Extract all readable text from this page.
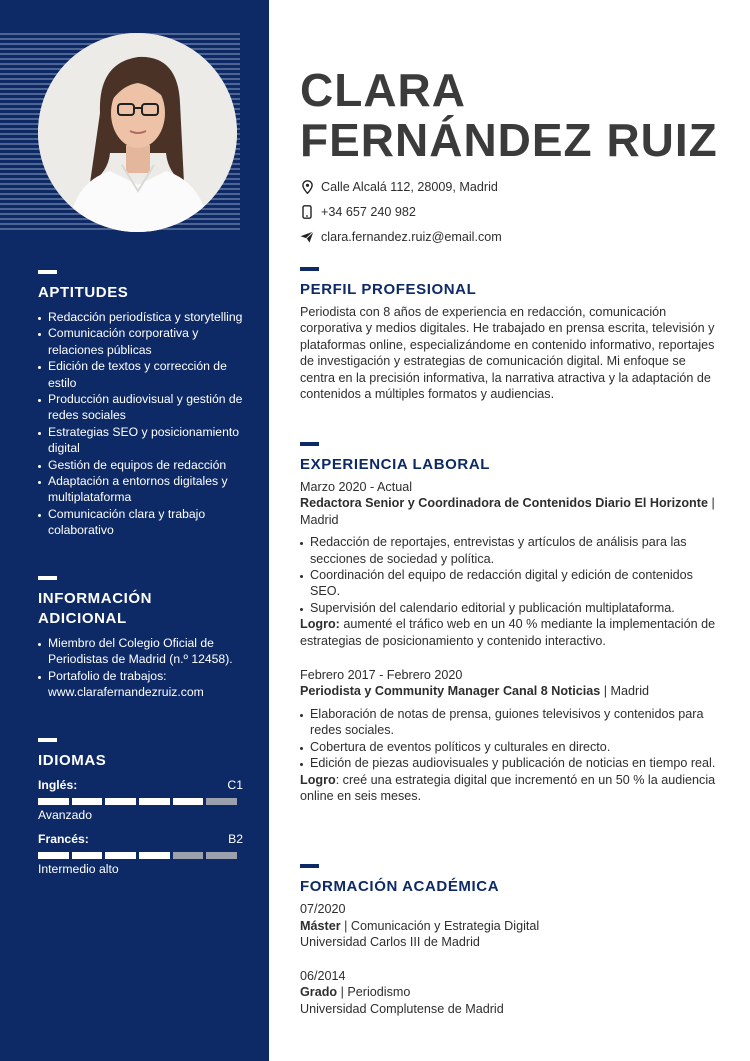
APTITUDES
Redacción periodística y storytelling
Comunicación corporativa y relaciones públicas
Edición de textos y corrección de estilo
Producción audiovisual y gestión de redes sociales
Estrategias SEO y posicionamiento digital
Gestión de equipos de redacción
Adaptación a entornos digitales y multiplataforma
Comunicación clara y trabajo colaborativo
INFORMACIÓN ADICIONAL
Miembro del Colegio Oficial de Periodistas de Madrid (n.º 12458).
Portafolio de trabajos: www.clarafernandezruiz.com
IDIOMAS
Inglés:	C1
Avanzado
Francés:	B2
Intermedio alto
CLARA
FERNÁNDEZ RUIZ
Calle Alcalá 112, 28009, Madrid
+34 657 240 982
clara.fernandez.ruiz@email.com
PERFIL PROFESIONAL

Periodista con 8 años de experiencia en redacción, comunicación corporativa y medios digitales. He trabajado en prensa escrita, televisión y plataformas online, especializándome en contenido informativo, reportajes de investigación y estrategias de comunicación digital. Mi enfoque se centra en la precisión informativa, la narrativa atractiva y la adaptación de contenidos a múltiples formatos y audiencias.

EXPERIENCIA LABORAL
Marzo 2020 - Actual
Redactora Senior y Coordinadora de Contenidos Diario El Horizonte | Madrid
Redacción de reportajes, entrevistas y artículos de análisis para las secciones de sociedad y política.
Coordinación del equipo de redacción digital y edición de contenidos SEO.
Supervisión del calendario editorial y publicación multiplataforma.
Logro: aumenté el tráfico web en un 40 % mediante la implementación de estrategias de posicionamiento y contenido interactivo.
Febrero 2017 - Febrero 2020
Periodista y Community Manager Canal 8 Noticias | Madrid
Elaboración de notas de prensa, guiones televisivos y contenidos para redes sociales.
Cobertura de eventos políticos y culturales en directo.
Edición de piezas audiovisuales y publicación de noticias en tiempo real.
Logro: creé una estrategia digital que incrementó en un 50 % la audiencia online en seis meses.
FORMACIÓN ACADÉMICA
07/2020
Máster | Comunicación y Estrategia Digital
Universidad Carlos III de Madrid
06/2014
Grado | Periodismo
Universidad Complutense de Madrid
